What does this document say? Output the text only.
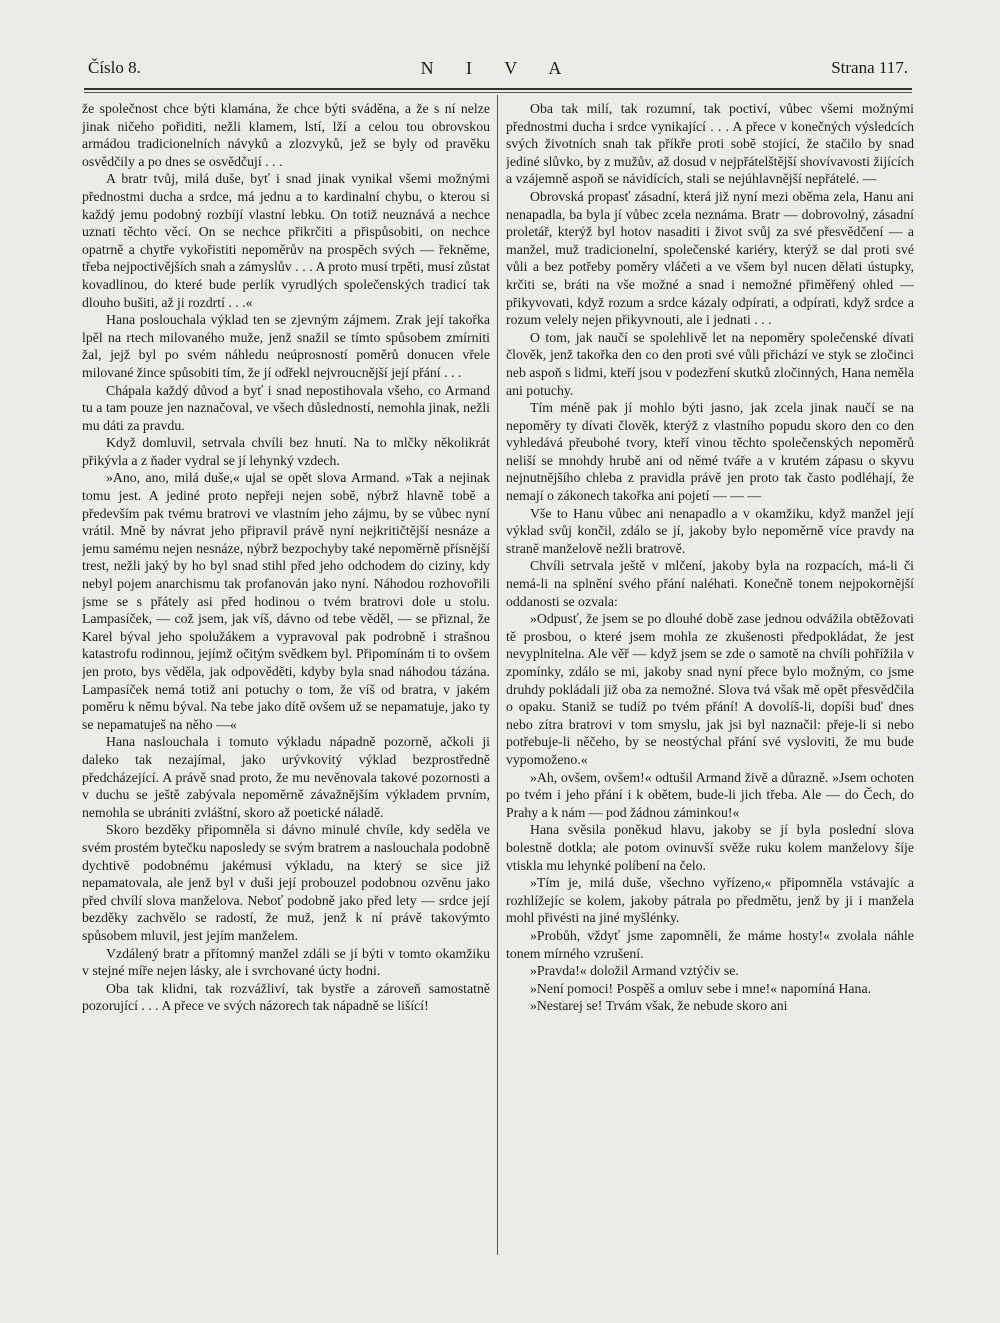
Číslo 8.	N I V A	Strana 117.

že společnost chce býti klamána, že chce býti sváděna, a že s ní nelze jinak ničeho pořiditi, nežli klamem, lstí, lží a celou tou obrovskou armádou tradicionelních návyků a zlozvyků, jež se byly od pravěku osvědčily a po dnes se osvědčují . . .

A bratr tvůj, milá duše, byť i snad jinak vynikal všemi možnými přednostmi ducha a srdce, má jednu a to kardinalní chybu, o kterou si každý jemu podobný rozbíjí vlastní lebku. On totiž neuznává a nechce uznati těchto věcí. On se nechce přikrčiti a přispůsobiti, on nechce opatrně a chytře vykořistiti nepoměrův na prospěch svých — řekněme, třeba nejpoctivějších snah a zámyslův . . . A proto musí trpěti, musí zůstat kovadlinou, do které bude perlík vyrudlých společenských tradicí tak dlouho bušiti, až ji rozdrtí . . .«

Hana poslouchala výklad ten se zjevným zájmem. Zrak její takořka lpěl na rtech milovaného muže, jenž snažil se tímto spůsobem zmírniti žal, jejž byl po svém náhledu neúprosností poměrů donucen vřele milované žince spůsobiti tím, že jí odřekl nejvroucnější její přání . . .

Chápala každý důvod a byť i snad nepostihovala všeho, co Armand tu a tam pouze jen naznačoval, ve všech důsledností, nemohla jinak, nežli mu dáti za pravdu.

Když domluvil, setrvala chvíli bez hnutí. Na to mlčky několikrát přikývla a z ňader vydral se jí lehynký vzdech.

»Ano, ano, milá duše,« ujal se opět slova Armand. »Tak a nejinak tomu jest. A jediné proto nepřeji nejen sobě, nýbrž hlavně tobě a především pak tvému bratrovi ve vlastním jeho zájmu, by se vůbec nyní vrátil. Mně by návrat jeho připravil právě nyní nejkritičtější nesnáze a jemu samému nejen nesnáze, nýbrž bezpochyby také nepoměrně přísnější trest, nežli jaký by ho byl snad stihl před jeho odchodem do ciziny, kdy nebyl pojem anarchismu tak profanován jako nyní. Náhodou rozhovořili jsme se s přátely asi před hodinou o tvém bratrovi dole u stolu. Lampasíček, — což jsem, jak víš, dávno od tebe věděl, — se přiznal, že Karel býval jeho spolužákem a vypravoval pak podrobně i strašnou katastrofu rodinnou, jejímž očitým svědkem byl. Připomínám ti to ovšem jen proto, bys věděla, jak odpověděti, kdyby byla snad náhodou tázána. Lampasíček nemá totiž ani potuchy o tom, že víš od bratra, v jakém poměru k němu býval. Na tebe jako dítě ovšem už se nepamatuje, jako ty se nepamatuješ na něho —«

Hana naslouchala i tomuto výkladu nápadně pozorně, ačkoli ji daleko tak nezajímal, jako urývkovitý výklad bezprostředně předcházející. A právě snad proto, že mu nevěnovala takové pozornosti a v duchu se ještě zabývala nepoměrně závažnějším výkladem prvním, nemohla se ubrániti zvláštní, skoro až poetické náladě.

Skoro bezděky připomněla si dávno minulé chvíle, kdy seděla ve svém prostém bytečku naposledy se svým bratrem a naslouchala podobně dychtivě podobnému jakémusi výkladu, na který se sice již nepamatovala, ale jenž byl v duši její probouzel podobnou ozvěnu jako před chvílí slova manželova. Neboť podobně jako před lety — srdce její bezděky zachvělo se radostí, že muž, jenž k ní právě takovýmto spůsobem mluvil, jest jejím manželem.

Vzdálený bratr a přítomný manžel zdáli se jí býti v tomto okamžiku v stejné míře nejen lásky, ale i svrchované úcty hodni.

Oba tak klidni, tak rozvážliví, tak bystře a zároveň samostatně pozorující . . . A přece ve svých názorech tak nápadně se lišící!

Oba tak milí, tak rozumní, tak poctiví, vůbec všemi možnými přednostmi ducha i srdce vynikající . . . A přece v konečných výsledcích svých životních snah tak příkře proti sobě stojící, že stačilo by snad jediné slůvko, by z mužův, až dosud v nejpřátelštější shovívavosti žijících a vzájemně aspoň se návidících, stali se nejúhlavnější nepřátelé. —

Obrovská propasť zásadní, která již nyní mezi oběma zela, Hanu ani nenapadla, ba byla jí vůbec zcela neznáma. Bratr — dobrovolný, zásadní proletář, kterýž byl hotov nasaditi i život svůj za své přesvědčení — a manžel, muž tradicionelní, společenské kariéry, kterýž se dal proti své vůli a bez potřeby poměry vláčeti a ve všem byl nucen dělati ústupky, krčiti se, bráti na vše možné a snad i nemožné přiměřený ohled — přikyvovati, když rozum a srdce kázaly odpírati, a odpírati, když srdce a rozum velely nejen přikyvnouti, ale i jednati . . .

O tom, jak naučí se spolehlivě let na nepoměry společenské dívati člověk, jenž takořka den co den proti své vůli přichází ve styk se zločinci neb aspoň s lidmi, kteří jsou v podezření skutků zločinných, Hana neměla ani potuchy.

Tím méně pak jí mohlo býti jasno, jak zcela jinak naučí se na nepoměry ty dívati člověk, kterýž z vlastního popudu skoro den co den vyhledává přeubohé tvory, kteří vinou těchto společenských nepoměrů neliší se mnohdy hrubě ani od němé tváře a v krutém zápasu o skyvu nejnutnějšího chleba z pravidla právě jen proto tak často podléhají, že nemají o zákonech takořka ani pojetí — — —

Vše to Hanu vůbec ani nenapadlo a v okamžiku, když manžel její výklad svůj končil, zdálo se jí, jakoby bylo nepoměrně více pravdy na straně manželově nežli bratrově.

Chvíli setrvala ještě v mlčení, jakoby byla na rozpacích, má-li či nemá-li na splnění svého přání naléhati. Konečně tonem nejpokornější oddanosti se ozvala:

»Odpusť, že jsem se po dlouhé době zase jednou odvážila obtěžovati tě prosbou, o které jsem mohla ze zkušenosti předpokládat, že jest nevyplnitelna. Ale věř — když jsem se zde o samotě na chvíli pohřížila v zpomínky, zdálo se mi, jakoby snad nyní přece bylo možným, co jsme druhdy pokládali již oba za nemožné. Slova tvá však mě opět přesvědčila o opaku. Staniž se tudíž po tvém přání! A dovolíš-li, dopíši buď dnes nebo zítra bratrovi v tom smyslu, jak jsi byl naznačil: přeje-li si nebo potřebuje-li něčeho, by se neostýchal přání své vysloviti, že mu bude vypomoženo.«

»Ah, ovšem, ovšem!« odtušil Armand živě a důrazně. »Jsem ochoten po tvém i jeho přání i k obětem, bude-li jich třeba. Ale — do Čech, do Prahy a k nám — pod žádnou záminkou!«

Hana svěsila poněkud hlavu, jakoby se jí byla poslední slova bolestně dotkla; ale potom ovinuvší svěže ruku kolem manželovy šíje vtiskla mu lehynké políbení na čelo.

»Tím je, milá duše, všechno vyřízeno,« připomněla vstávajíc a rozhlížejíc se kolem, jakoby pátrala po předmětu, jenž by ji i manžela mohl přivésti na jiné myšlénky.

»Probůh, vždyť jsme zapomněli, že máme hosty!« zvolala náhle tonem mírného vzrušení.

»Pravda!« doložil Armand vztýčiv se.

»Není pomoci! Pospěš a omluv sebe i mne!« napomíná Hana.

»Nestarej se! Trvám však, že nebude skoro ani
